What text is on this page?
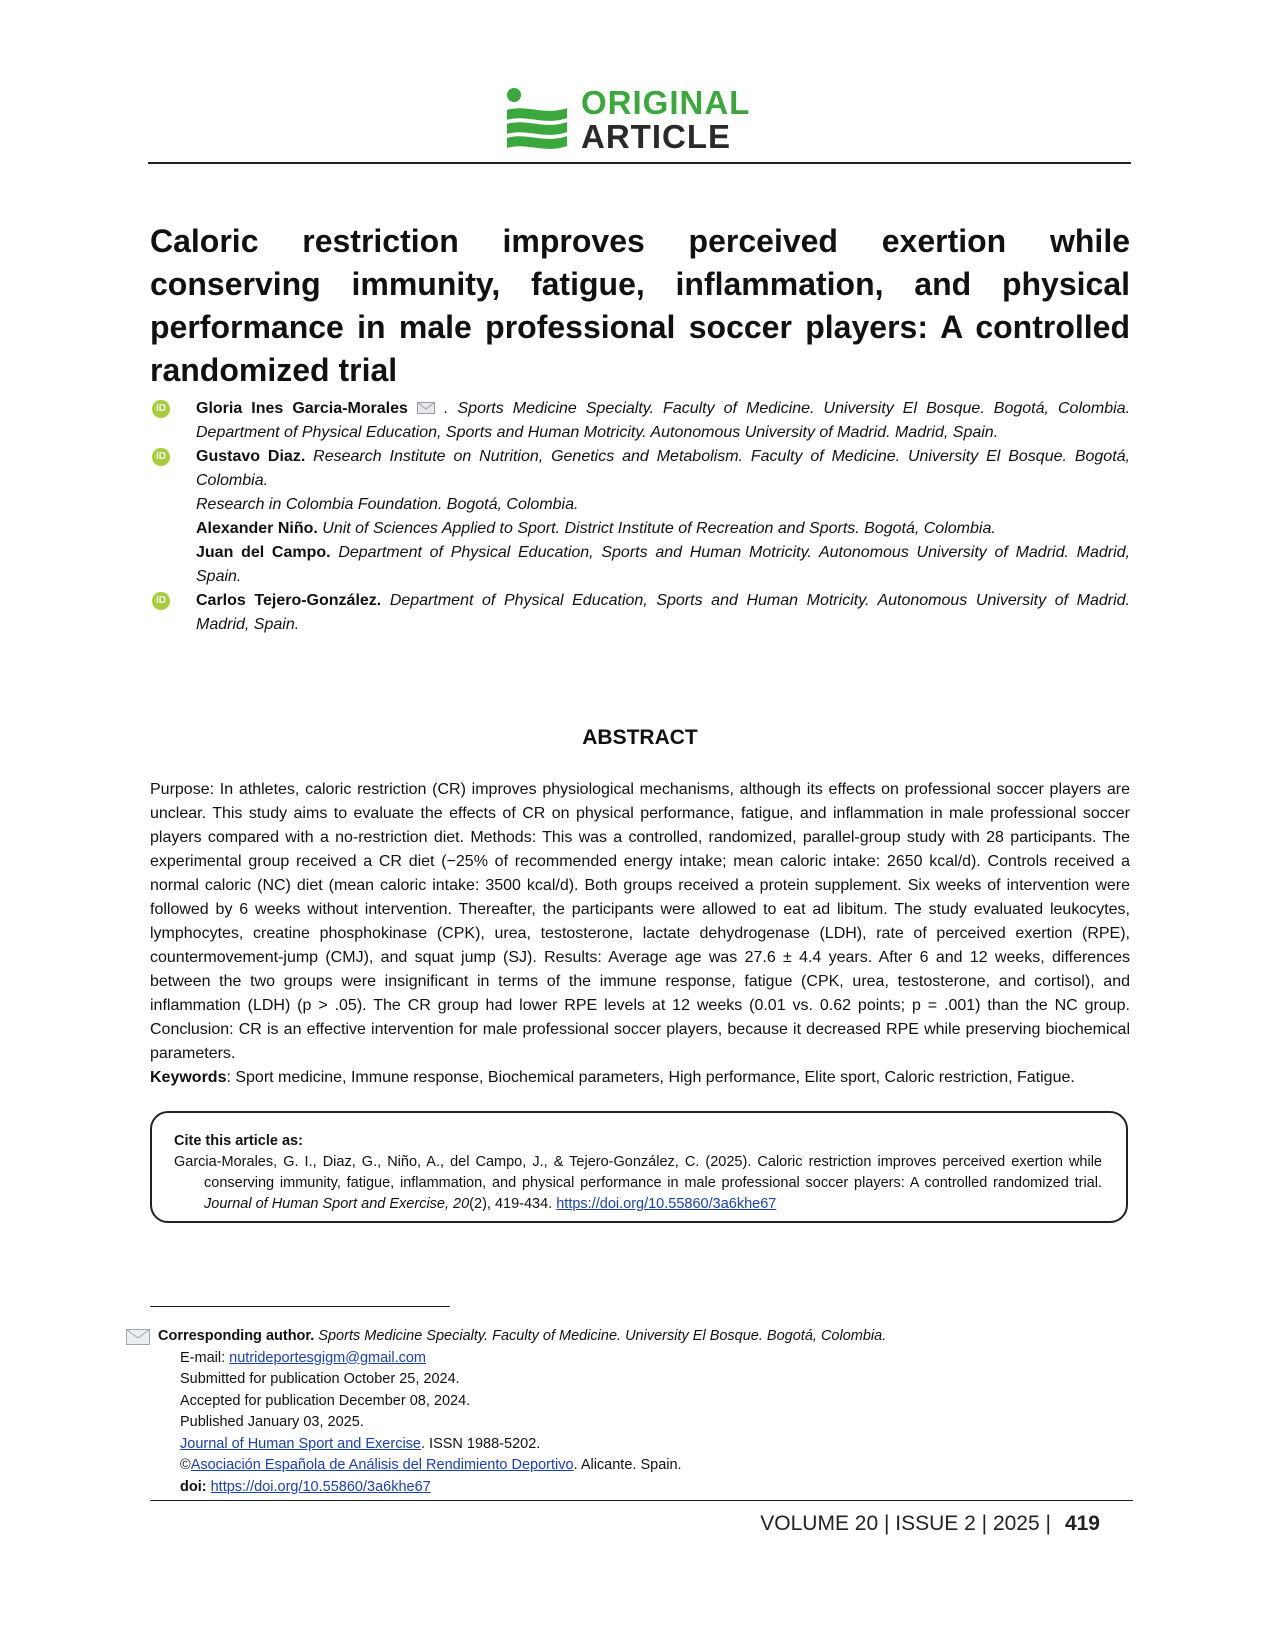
ORIGINAL
ARTICLE
Caloric restriction improves perceived exertion while conserving immunity, fatigue, inflammation, and physical performance in male professional soccer players: A controlled randomized trial
iD Gloria Ines Garcia-Morales . Sports Medicine Specialty. Faculty of Medicine. University El Bosque. Bogotá, Colombia. Department of Physical Education, Sports and Human Motricity. Autonomous University of Madrid. Madrid, Spain.
iD Gustavo Diaz. Research Institute on Nutrition, Genetics and Metabolism. Faculty of Medicine. University El Bosque. Bogotá, Colombia.
Research in Colombia Foundation. Bogotá, Colombia.
Alexander Niño. Unit of Sciences Applied to Sport. District Institute of Recreation and Sports. Bogotá, Colombia.
Juan del Campo. Department of Physical Education, Sports and Human Motricity. Autonomous University of Madrid. Madrid, Spain.
iD Carlos Tejero-González. Department of Physical Education, Sports and Human Motricity. Autonomous University of Madrid. Madrid, Spain.
ABSTRACT
Purpose: In athletes, caloric restriction (CR) improves physiological mechanisms, although its effects on professional soccer players are unclear. This study aims to evaluate the effects of CR on physical performance, fatigue, and inflammation in male professional soccer players compared with a no-restriction diet. Methods: This was a controlled, randomized, parallel-group study with 28 participants. The experimental group received a CR diet (−25% of recommended energy intake; mean caloric intake: 2650 kcal/d). Controls received a normal caloric (NC) diet (mean caloric intake: 3500 kcal/d). Both groups received a protein supplement. Six weeks of intervention were followed by 6 weeks without intervention. Thereafter, the participants were allowed to eat ad libitum. The study evaluated leukocytes, lymphocytes, creatine phosphokinase (CPK), urea, testosterone, lactate dehydrogenase (LDH), rate of perceived exertion (RPE), countermovement-jump (CMJ), and squat jump (SJ). Results: Average age was 27.6 ± 4.4 years. After 6 and 12 weeks, differences between the two groups were insignificant in terms of the immune response, fatigue (CPK, urea, testosterone, and cortisol), and inflammation (LDH) (p > .05). The CR group had lower RPE levels at 12 weeks (0.01 vs. 0.62 points; p = .001) than the NC group. Conclusion: CR is an effective intervention for male professional soccer players, because it decreased RPE while preserving biochemical parameters.
Keywords: Sport medicine, Immune response, Biochemical parameters, High performance, Elite sport, Caloric restriction, Fatigue.
Cite this article as:
Garcia-Morales, G. I., Diaz, G., Niño, A., del Campo, J., & Tejero-González, C. (2025). Caloric restriction improves perceived exertion while conserving immunity, fatigue, inflammation, and physical performance in male professional soccer players: A controlled randomized trial. Journal of Human Sport and Exercise, 20(2), 419-434. https://doi.org/10.55860/3a6khe67
Corresponding author. Sports Medicine Specialty. Faculty of Medicine. University El Bosque. Bogotá, Colombia.
E-mail: nutrideportesgigm@gmail.com
Submitted for publication October 25, 2024.
Accepted for publication December 08, 2024.
Published January 03, 2025.
Journal of Human Sport and Exercise. ISSN 1988-5202.
©Asociación Española de Análisis del Rendimiento Deportivo. Alicante. Spain.
doi: https://doi.org/10.55860/3a6khe67
VOLUME 20 | ISSUE 2 | 2025 | 419
